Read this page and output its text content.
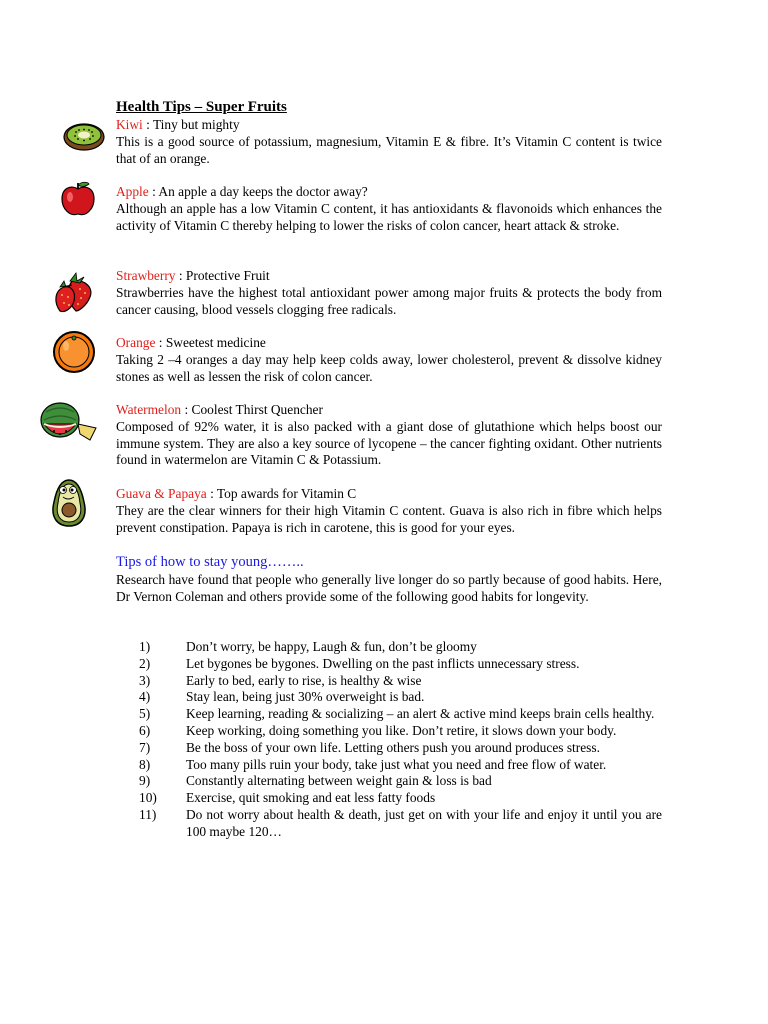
Health Tips – Super Fruits
Kiwi : Tiny but mighty
This is a good source of potassium, magnesium, Vitamin E & fibre. It’s Vitamin C content is twice that of an orange.
Apple : An apple a day keeps the doctor away?
Although an apple has a low Vitamin C content, it has antioxidants & flavonoids which enhances the activity of Vitamin C thereby helping to lower the risks of colon cancer, heart attack & stroke.
Strawberry : Protective Fruit
Strawberries have the highest total antioxidant power among major fruits & protects the body from cancer causing, blood vessels clogging free radicals.
Orange : Sweetest medicine
Taking 2 –4 oranges a day may help keep colds away, lower cholesterol, prevent & dissolve kidney stones as well as lessen the risk of colon cancer.
Watermelon : Coolest Thirst Quencher
Composed of 92% water, it is also packed with a giant dose of glutathione which helps boost our immune system. They are also a key source of lycopene – the cancer fighting oxidant. Other nutrients found in watermelon are Vitamin C & Potassium.
Guava & Papaya : Top awards for Vitamin C
They are the clear winners for their high Vitamin C content. Guava is also rich in fibre which helps prevent constipation. Papaya is rich in carotene, this is good for your eyes.
Tips of how to stay young……..
Research have found that people who generally live longer do so partly because of good habits. Here, Dr Vernon Coleman and others provide some of the following good habits for longevity.
1)	Don’t worry, be happy, Laugh & fun, don’t be gloomy
2)	Let bygones be bygones. Dwelling on the past inflicts unnecessary stress.
3)	Early to bed, early to rise, is healthy & wise
4)	Stay lean, being just 30% overweight is bad.
5)	Keep learning, reading & socializing – an alert & active mind keeps brain cells healthy.
6)	Keep working, doing something you like. Don’t retire, it slows down your body.
7)	Be the boss of your own life. Letting others push you around produces stress.
8)	Too many pills ruin your body, take just what you need and free flow of water.
9)	Constantly alternating between weight gain & loss is bad
10)	Exercise, quit smoking and eat less fatty foods
11)	Do not worry about health & death, just get on with your life and enjoy it until you are 100 maybe 120…
